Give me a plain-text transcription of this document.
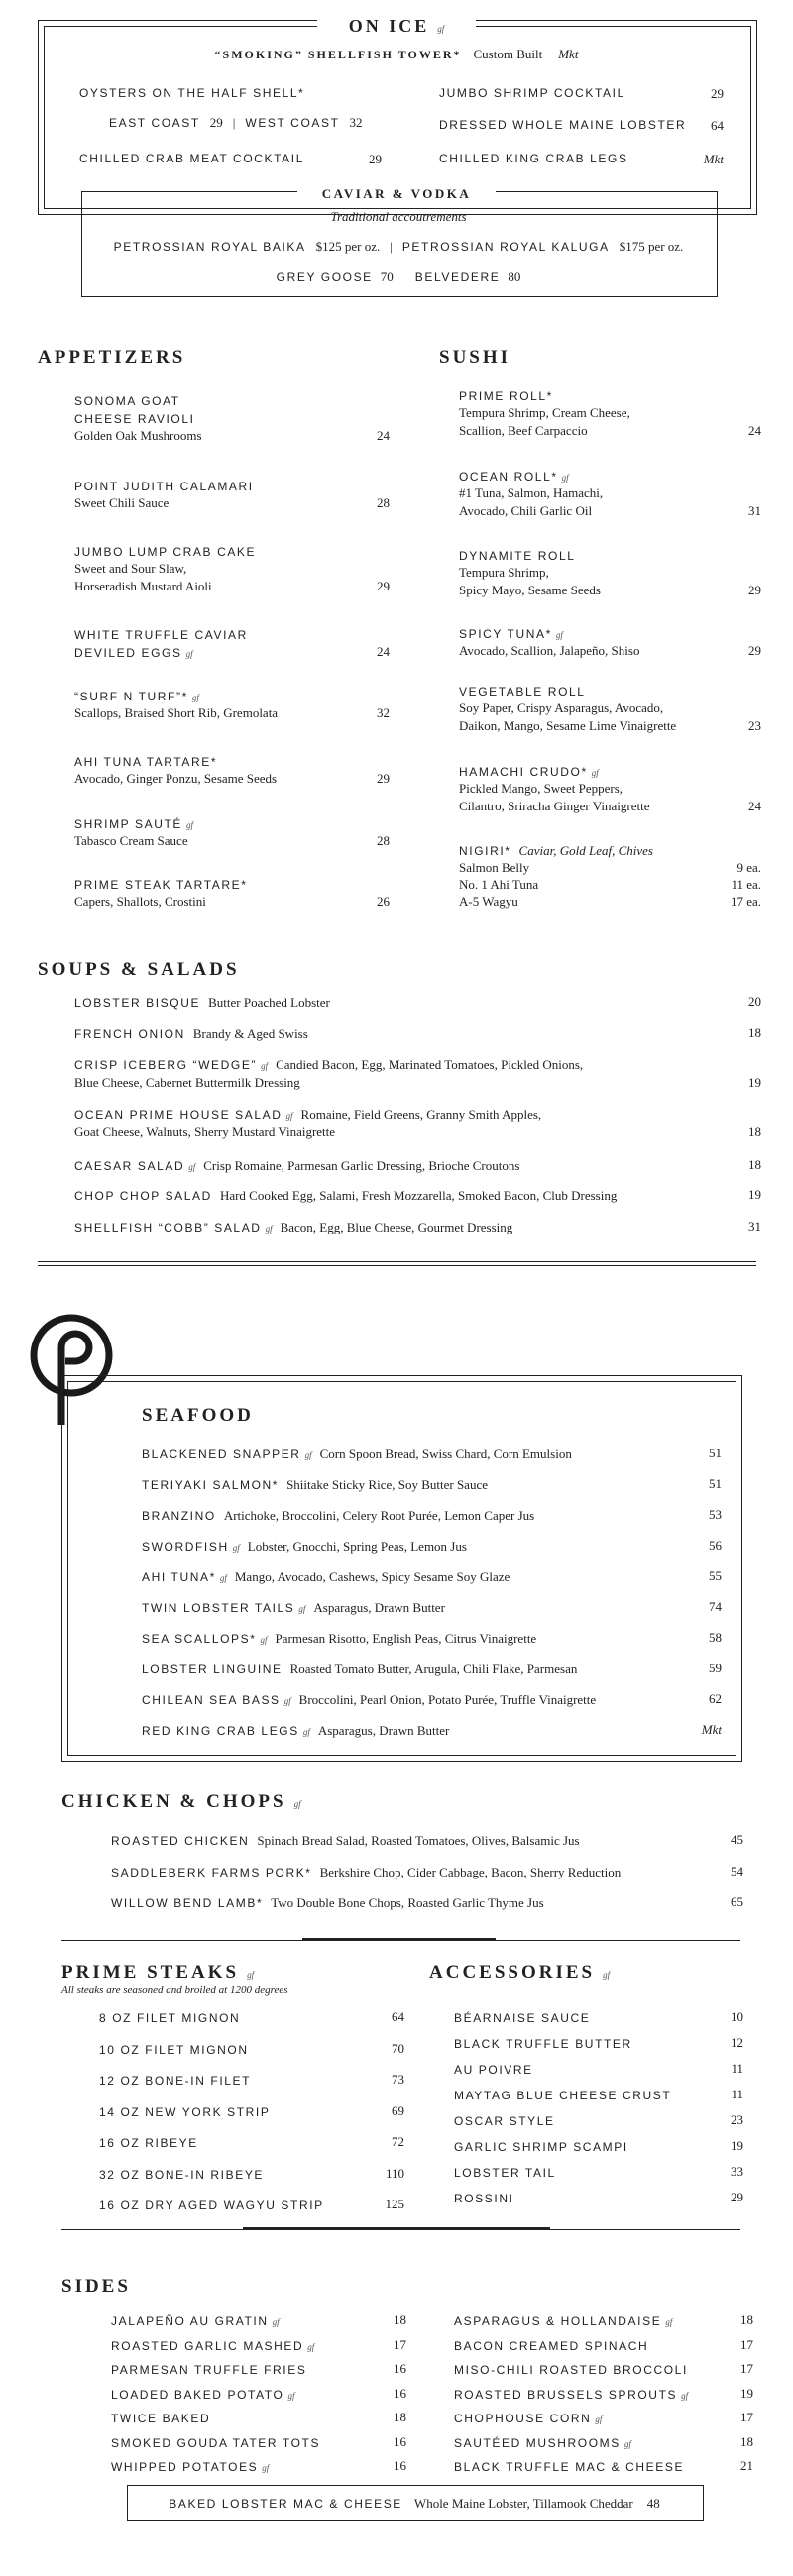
ON ICE gf
“SMOKING” SHELLFISH TOWER* Custom Built Mkt
OYSTERS ON THE HALF SHELL*
EAST COAST 29 | WEST COAST 32
CHILLED CRAB MEAT COCKTAIL	29
JUMBO SHRIMP COCKTAIL	29
DRESSED WHOLE MAINE LOBSTER	64
CHILLED KING CRAB LEGS	Mkt
CAVIAR & VODKA
Traditional accoutrements
PETROSSIAN ROYAL BAIKA $125 per oz. | PETROSSIAN ROYAL KALUGA $175 per oz.
GREY GOOSE 70 BELVEDERE 80
APPETIZERS
SONOMA GOAT
CHEESE RAVIOLI
Golden Oak Mushrooms	24
POINT JUDITH CALAMARI
Sweet Chili Sauce	28
JUMBO LUMP CRAB CAKE
Sweet and Sour Slaw,
Horseradish Mustard Aioli	29
WHITE TRUFFLE CAVIAR
DEVILED EGGS gf	24
“SURF N TURF”* gf
Scallops, Braised Short Rib, Gremolata	32
AHI TUNA TARTARE*
Avocado, Ginger Ponzu, Sesame Seeds	29
SHRIMP SAUTÉ gf
Tabasco Cream Sauce	28
PRIME STEAK TARTARE*
Capers, Shallots, Crostini	26
SUSHI
PRIME ROLL*
Tempura Shrimp, Cream Cheese,
Scallion, Beef Carpaccio	24
OCEAN ROLL* gf
#1 Tuna, Salmon, Hamachi,
Avocado, Chili Garlic Oil	31
DYNAMITE ROLL
Tempura Shrimp,
Spicy Mayo, Sesame Seeds	29
SPICY TUNA* gf
Avocado, Scallion, Jalapeño, Shiso	29
VEGETABLE ROLL
Soy Paper, Crispy Asparagus, Avocado,
Daikon, Mango, Sesame Lime Vinaigrette	23
HAMACHI CRUDO* gf
Pickled Mango, Sweet Peppers,
Cilantro, Sriracha Ginger Vinaigrette	24
NIGIRI* Caviar, Gold Leaf, Chives
Salmon Belly	9 ea.
No. 1 Ahi Tuna	11 ea.
A-5 Wagyu	17 ea.
SOUPS & SALADS
LOBSTER BISQUE Butter Poached Lobster	20
FRENCH ONION Brandy & Aged Swiss	18
CRISP ICEBERG “WEDGE” gf Candied Bacon, Egg, Marinated Tomatoes, Pickled Onions,
Blue Cheese, Cabernet Buttermilk Dressing	19
OCEAN PRIME HOUSE SALAD gf Romaine, Field Greens, Granny Smith Apples,
Goat Cheese, Walnuts, Sherry Mustard Vinaigrette	18
CAESAR SALAD gf Crisp Romaine, Parmesan Garlic Dressing, Brioche Croutons	18
CHOP CHOP SALAD Hard Cooked Egg, Salami, Fresh Mozzarella, Smoked Bacon, Club Dressing	19
SHELLFISH “COBB” SALAD gf Bacon, Egg, Blue Cheese, Gourmet Dressing	31
SEAFOOD
BLACKENED SNAPPER gf Corn Spoon Bread, Swiss Chard, Corn Emulsion	51
TERIYAKI SALMON* Shiitake Sticky Rice, Soy Butter Sauce	51
BRANZINO Artichoke, Broccolini, Celery Root Purée, Lemon Caper Jus	53
SWORDFISH gf Lobster, Gnocchi, Spring Peas, Lemon Jus	56
AHI TUNA* gf Mango, Avocado, Cashews, Spicy Sesame Soy Glaze	55
TWIN LOBSTER TAILS gf Asparagus, Drawn Butter	74
SEA SCALLOPS* gf Parmesan Risotto, English Peas, Citrus Vinaigrette	58
LOBSTER LINGUINE Roasted Tomato Butter, Arugula, Chili Flake, Parmesan	59
CHILEAN SEA BASS gf Broccolini, Pearl Onion, Potato Purée, Truffle Vinaigrette	62
RED KING CRAB LEGS gf Asparagus, Drawn Butter	Mkt
CHICKEN & CHOPS gf
ROASTED CHICKEN Spinach Bread Salad, Roasted Tomatoes, Olives, Balsamic Jus	45
SADDLEBERK FARMS PORK* Berkshire Chop, Cider Cabbage, Bacon, Sherry Reduction	54
WILLOW BEND LAMB* Two Double Bone Chops, Roasted Garlic Thyme Jus	65
PRIME STEAKS gf
All steaks are seasoned and broiled at 1200 degrees
8 OZ FILET MIGNON	64
10 OZ FILET MIGNON	70
12 OZ BONE-IN FILET	73
14 OZ NEW YORK STRIP	69
16 OZ RIBEYE	72
32 OZ BONE-IN RIBEYE	110
16 OZ DRY AGED WAGYU STRIP	125
ACCESSORIES gf
BÉARNAISE SAUCE	10
BLACK TRUFFLE BUTTER	12
AU POIVRE	11
MAYTAG BLUE CHEESE CRUST	11
OSCAR STYLE	23
GARLIC SHRIMP SCAMPI	19
LOBSTER TAIL	33
ROSSINI	29
SIDES
JALAPEÑO AU GRATIN gf	18
ROASTED GARLIC MASHED gf	17
PARMESAN TRUFFLE FRIES	16
LOADED BAKED POTATO gf	16
TWICE BAKED	18
SMOKED GOUDA TATER TOTS	16
WHIPPED POTATOES gf	16
ASPARAGUS & HOLLANDAISE gf	18
BACON CREAMED SPINACH	17
MISO-CHILI ROASTED BROCCOLI	17
ROASTED BRUSSELS SPROUTS gf	19
CHOPHOUSE CORN gf	17
SAUTÉED MUSHROOMS gf	18
BLACK TRUFFLE MAC & CHEESE	21
BAKED LOBSTER MAC & CHEESE Whole Maine Lobster, Tillamook Cheddar 48
